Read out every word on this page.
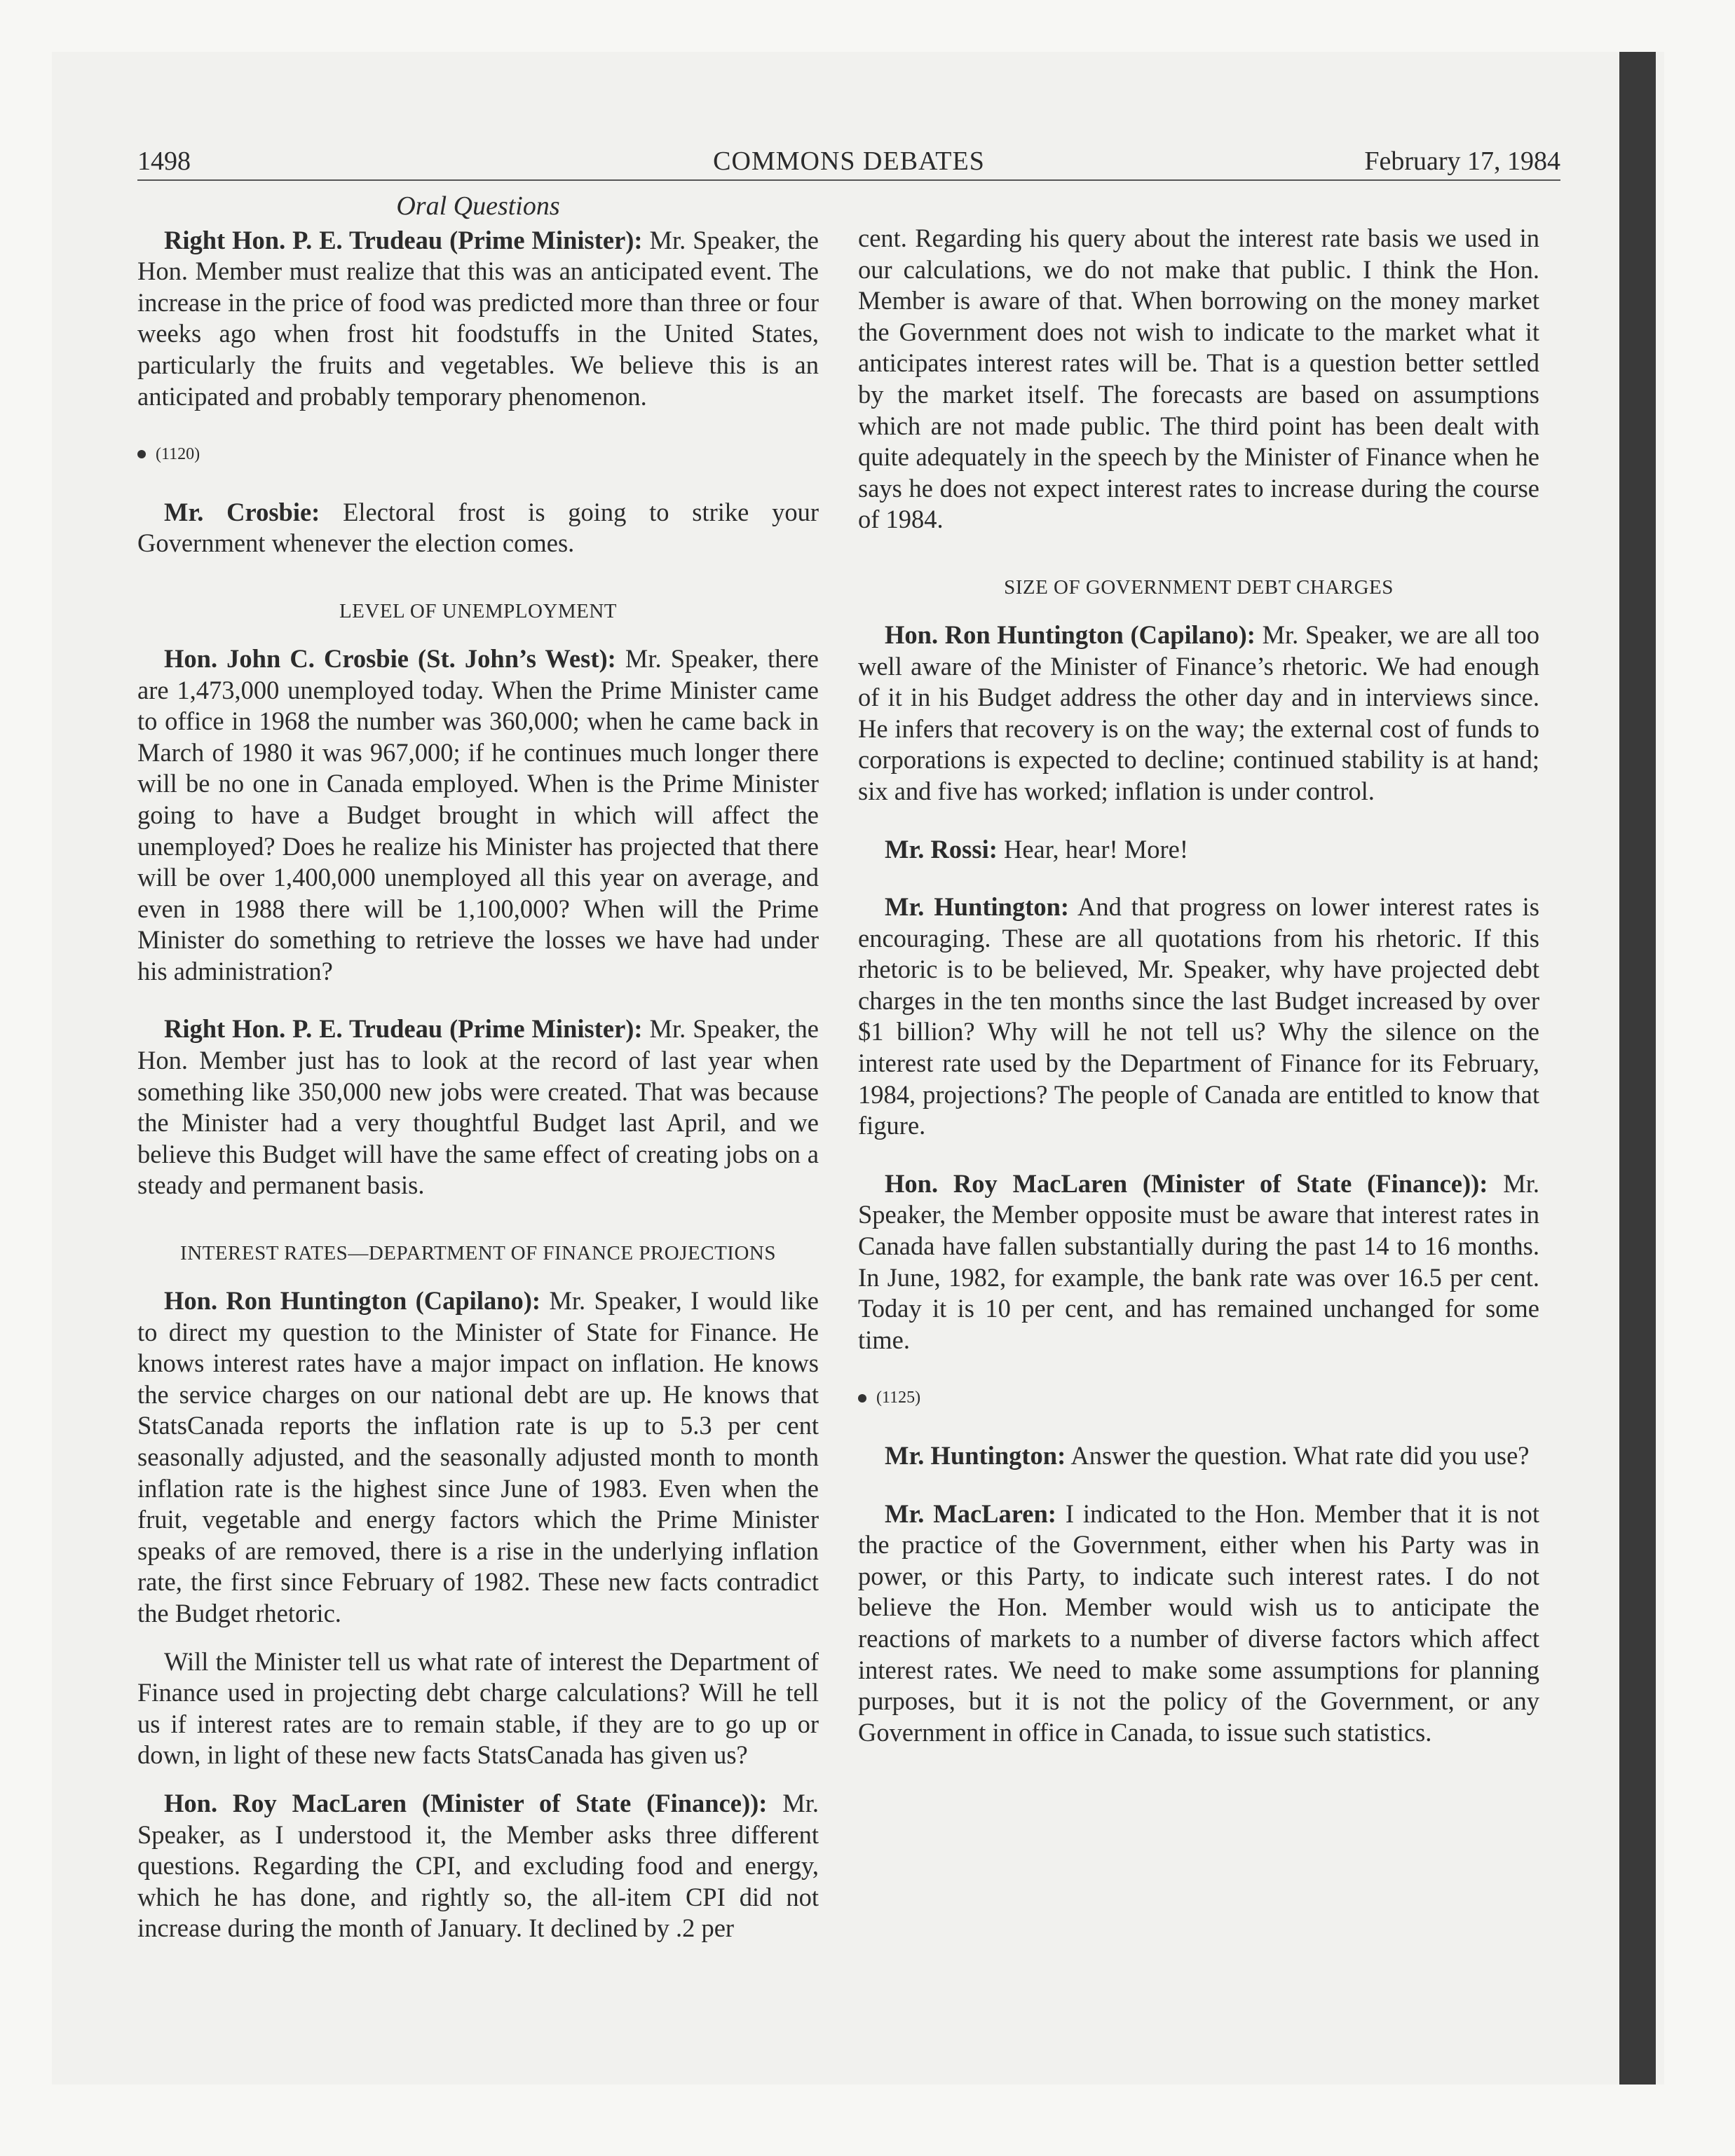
1498	COMMONS DEBATES	February 17, 1984
Oral Questions

Right Hon. P. E. Trudeau (Prime Minister): Mr. Speaker, the Hon. Member must realize that this was an anticipated event. The increase in the price of food was predicted more than three or four weeks ago when frost hit foodstuffs in the United States, particularly the fruits and vegetables. We believe this is an anticipated and probably temporary phenomenon.

(1120)

Mr. Crosbie: Electoral frost is going to strike your Government whenever the election comes.

LEVEL OF UNEMPLOYMENT

Hon. John C. Crosbie (St. John’s West): Mr. Speaker, there are 1,473,000 unemployed today. When the Prime Minister came to office in 1968 the number was 360,000; when he came back in March of 1980 it was 967,000; if he continues much longer there will be no one in Canada employed. When is the Prime Minister going to have a Budget brought in which will affect the unemployed? Does he realize his Minister has projected that there will be over 1,400,000 unemployed all this year on average, and even in 1988 there will be 1,100,000? When will the Prime Minister do something to retrieve the losses we have had under his administration?

Right Hon. P. E. Trudeau (Prime Minister): Mr. Speaker, the Hon. Member just has to look at the record of last year when something like 350,000 new jobs were created. That was because the Minister had a very thoughtful Budget last April, and we believe this Budget will have the same effect of creating jobs on a steady and permanent basis.

INTEREST RATES—DEPARTMENT OF FINANCE PROJECTIONS

Hon. Ron Huntington (Capilano): Mr. Speaker, I would like to direct my question to the Minister of State for Finance. He knows interest rates have a major impact on inflation. He knows the service charges on our national debt are up. He knows that StatsCanada reports the inflation rate is up to 5.3 per cent seasonally adjusted, and the seasonally adjusted month to month inflation rate is the highest since June of 1983. Even when the fruit, vegetable and energy factors which the Prime Minister speaks of are removed, there is a rise in the underlying inflation rate, the first since February of 1982. These new facts contradict the Budget rhetoric.

Will the Minister tell us what rate of interest the Department of Finance used in projecting debt charge calculations? Will he tell us if interest rates are to remain stable, if they are to go up or down, in light of these new facts StatsCanada has given us?

Hon. Roy MacLaren (Minister of State (Finance)): Mr. Speaker, as I understood it, the Member asks three different questions. Regarding the CPI, and excluding food and energy, which he has done, and rightly so, the all-item CPI did not increase during the month of January. It declined by .2 per

cent. Regarding his query about the interest rate basis we used in our calculations, we do not make that public. I think the Hon. Member is aware of that. When borrowing on the money market the Government does not wish to indicate to the market what it anticipates interest rates will be. That is a question better settled by the market itself. The forecasts are based on assumptions which are not made public. The third point has been dealt with quite adequately in the speech by the Minister of Finance when he says he does not expect interest rates to increase during the course of 1984.

SIZE OF GOVERNMENT DEBT CHARGES

Hon. Ron Huntington (Capilano): Mr. Speaker, we are all too well aware of the Minister of Finance’s rhetoric. We had enough of it in his Budget address the other day and in interviews since. He infers that recovery is on the way; the external cost of funds to corporations is expected to decline; continued stability is at hand; six and five has worked; inflation is under control.

Mr. Rossi: Hear, hear! More!

Mr. Huntington: And that progress on lower interest rates is encouraging. These are all quotations from his rhetoric. If this rhetoric is to be believed, Mr. Speaker, why have projected debt charges in the ten months since the last Budget increased by over $1 billion? Why will he not tell us? Why the silence on the interest rate used by the Department of Finance for its February, 1984, projections? The people of Canada are entitled to know that figure.

Hon. Roy MacLaren (Minister of State (Finance)): Mr. Speaker, the Member opposite must be aware that interest rates in Canada have fallen substantially during the past 14 to 16 months. In June, 1982, for example, the bank rate was over 16.5 per cent. Today it is 10 per cent, and has remained unchanged for some time.

(1125)

Mr. Huntington: Answer the question. What rate did you use?

Mr. MacLaren: I indicated to the Hon. Member that it is not the practice of the Government, either when his Party was in power, or this Party, to indicate such interest rates. I do not believe the Hon. Member would wish us to anticipate the reactions of markets to a number of diverse factors which affect interest rates. We need to make some assumptions for planning purposes, but it is not the policy of the Government, or any Government in office in Canada, to issue such statistics.
